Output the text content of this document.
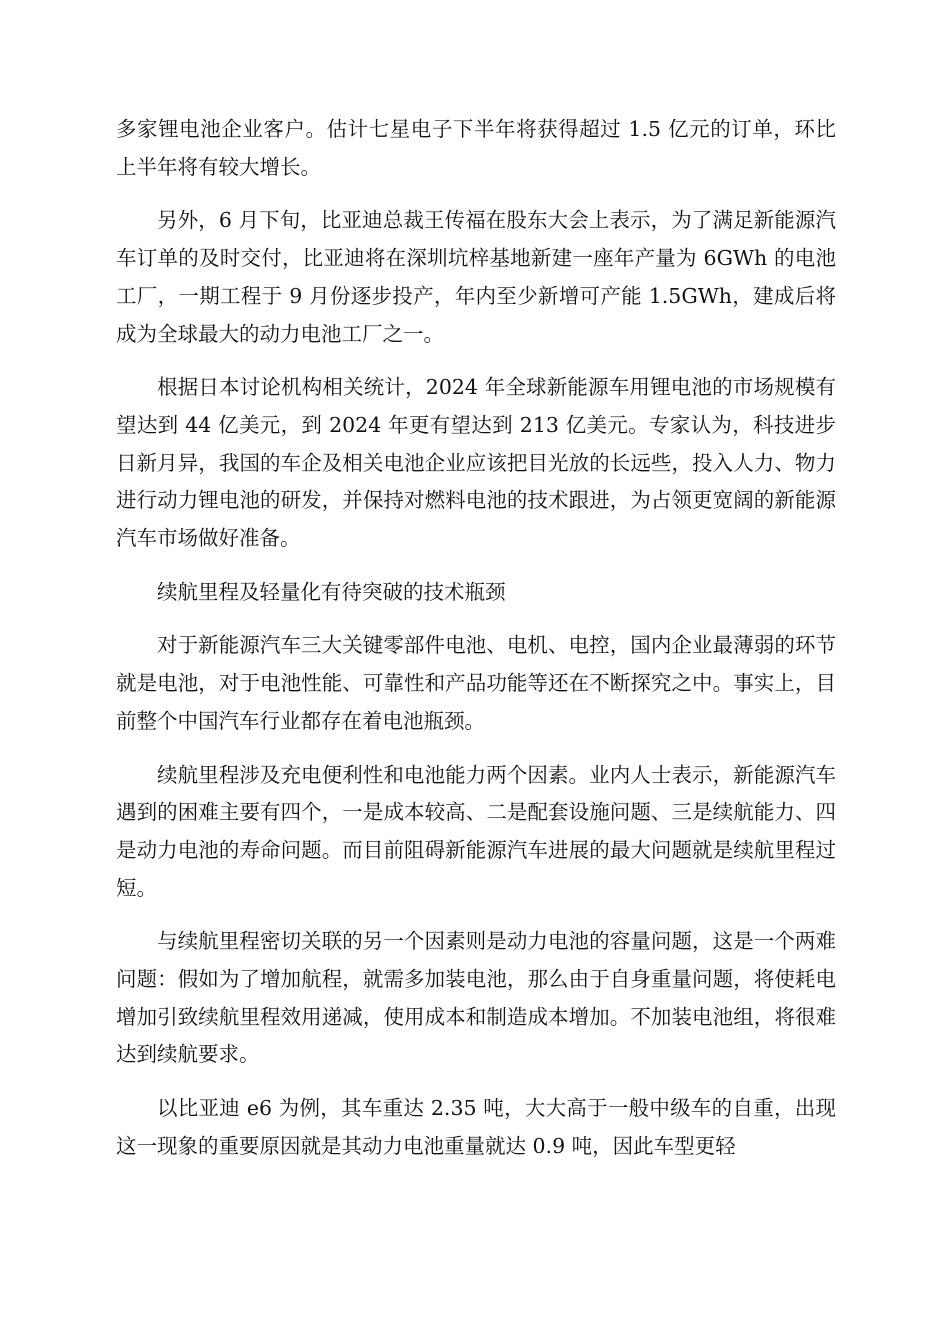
多家锂电池企业客户。估计七星电子下半年将获得超过 1.5 亿元的订单，环比上半年将有较大增长。

另外，6 月下旬，比亚迪总裁王传福在股东大会上表示，为了满足新能源汽车订单的及时交付，比亚迪将在深圳坑梓基地新建一座年产量为 6GWh 的电池工厂，一期工程于 9 月份逐步投产，年内至少新增可产能 1.5GWh，建成后将成为全球最大的动力电池工厂之一。

根据日本讨论机构相关统计，2024 年全球新能源车用锂电池的市场规模有望达到 44 亿美元，到 2024 年更有望达到 213 亿美元。专家认为，科技进步日新月异，我国的车企及相关电池企业应该把目光放的长远些，投入人力、物力进行动力锂电池的研发，并保持对燃料电池的技术跟进，为占领更宽阔的新能源汽车市场做好准备。

续航里程及轻量化有待突破的技术瓶颈

对于新能源汽车三大关键零部件电池、电机、电控，国内企业最薄弱的环节就是电池，对于电池性能、可靠性和产品功能等还在不断探究之中。事实上，目前整个中国汽车行业都存在着电池瓶颈。

续航里程涉及充电便利性和电池能力两个因素。业内人士表示，新能源汽车遇到的困难主要有四个，一是成本较高、二是配套设施问题、三是续航能力、四是动力电池的寿命问题。而目前阻碍新能源汽车进展的最大问题就是续航里程过短。

与续航里程密切关联的另一个因素则是动力电池的容量问题，这是一个两难问题：假如为了增加航程，就需多加装电池，那么由于自身重量问题，将使耗电增加引致续航里程效用递减，使用成本和制造成本增加。不加装电池组，将很难达到续航要求。

以比亚迪 e6 为例，其车重达 2.35 吨，大大高于一般中级车的自重，出现这一现象的重要原因就是其动力电池重量就达 0.9 吨，因此车型更轻
